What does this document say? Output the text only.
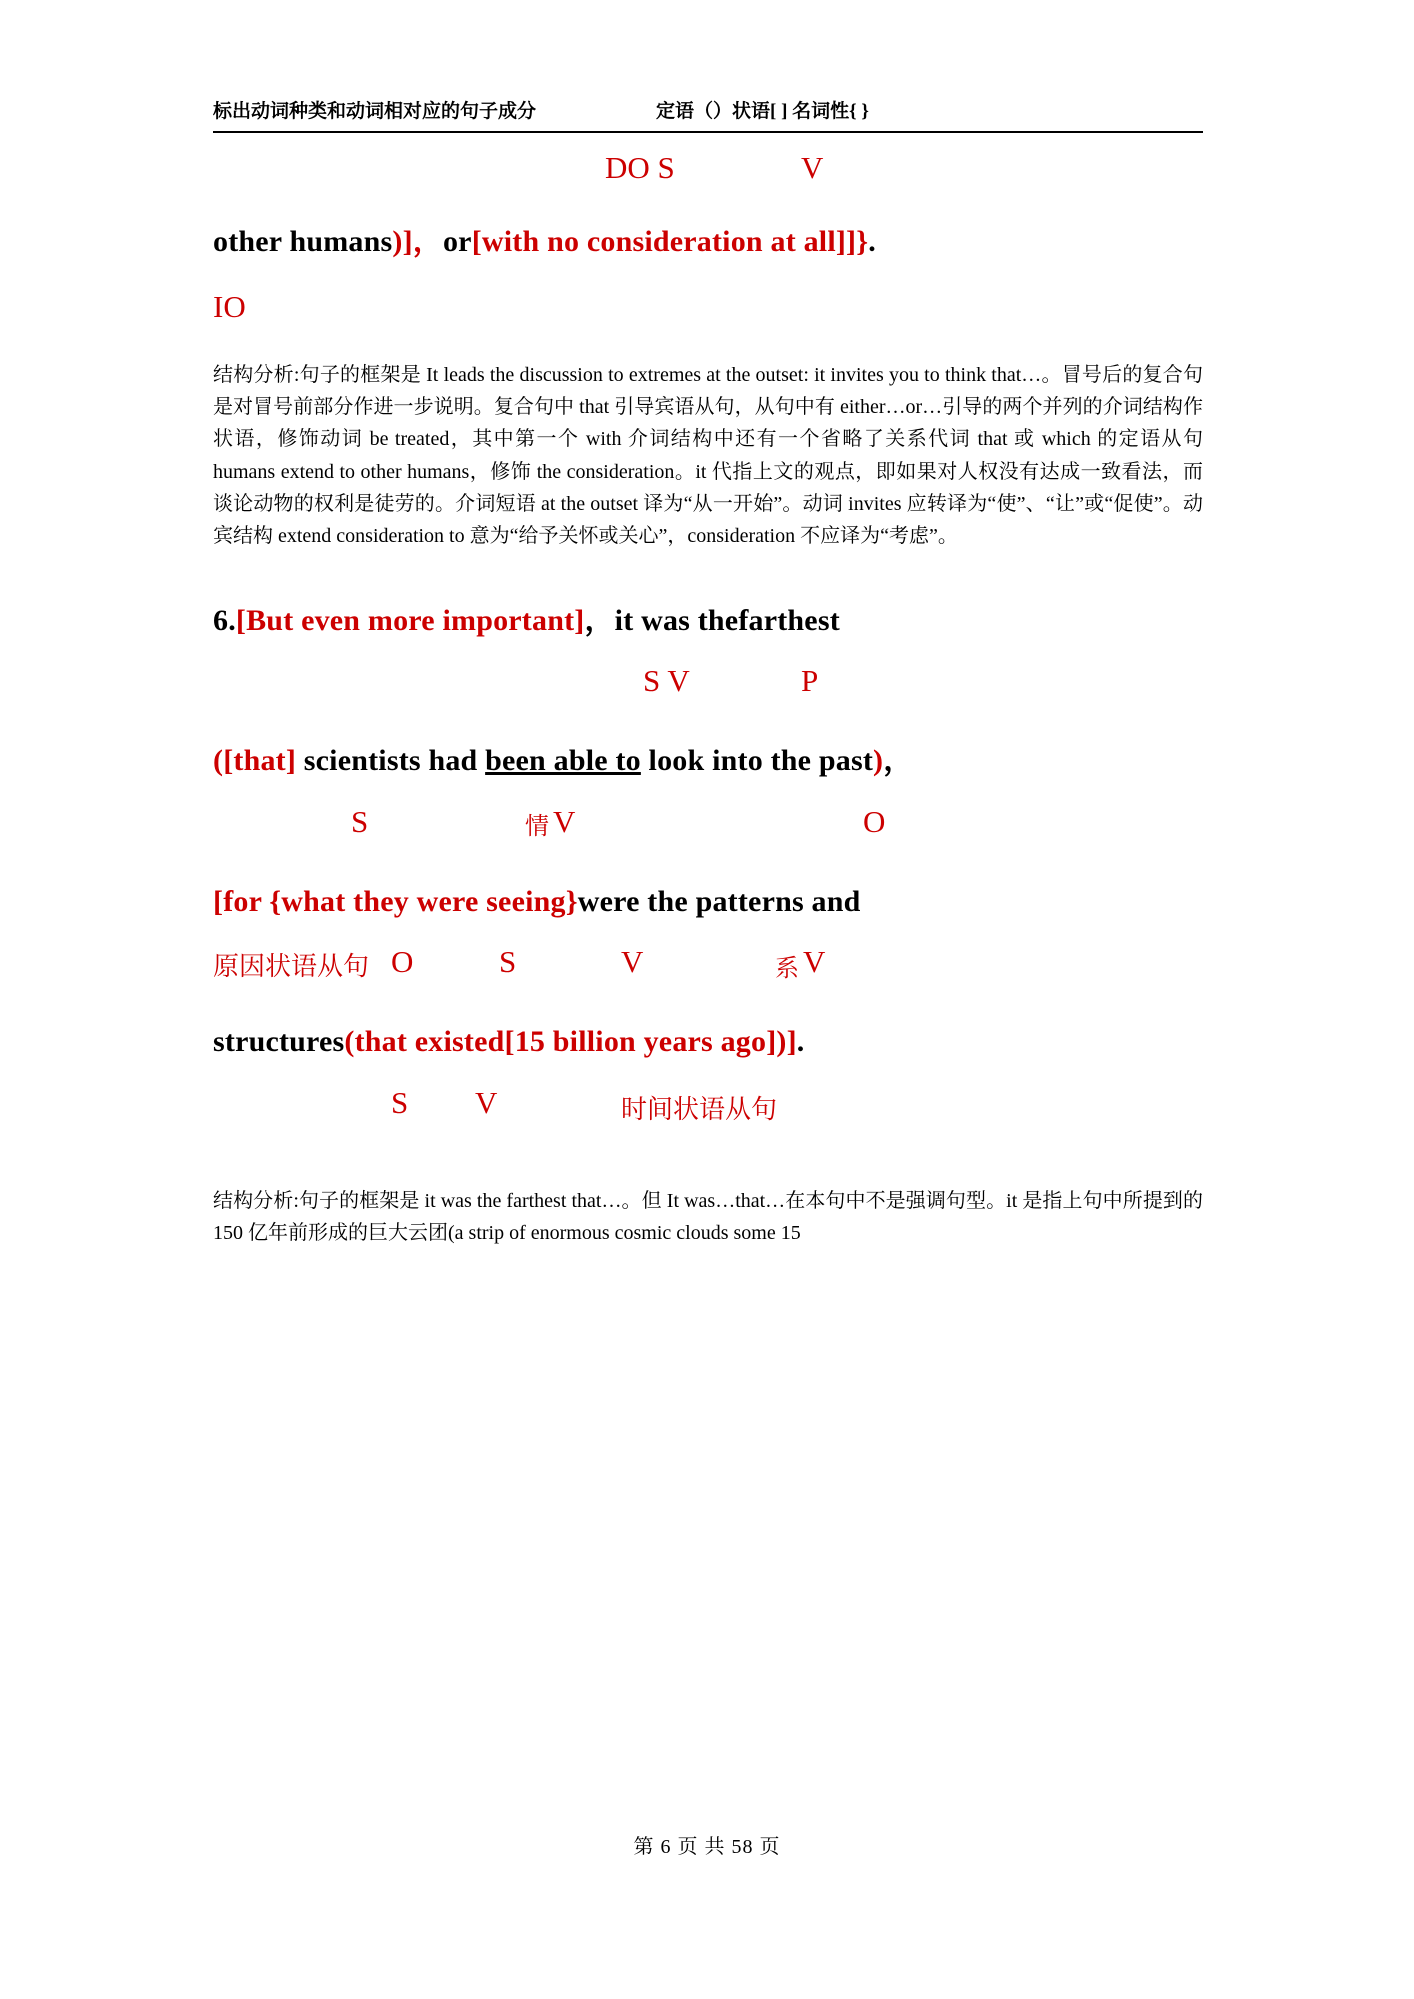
标出动词种类和动词相对应的句子成分	定语（）状语[ ] 名词性{ }
DO S	V
other humans)]，or[with no consideration at all]]}.
IO
结构分析:句子的框架是 It leads the discussion to extremes at the outset: it invites you to think that…。冒号后的复合句是对冒号前部分作进一步说明。复合句中 that 引导宾语从句，从句中有 either…or…引导的两个并列的介词结构作状语，修饰动词 be treated，其中第一个 with 介词结构中还有一个省略了关系代词 that 或 which 的定语从句 humans extend to other humans，修饰 the consideration。it 代指上文的观点，即如果对人权没有达成一致看法，而谈论动物的权利是徒劳的。介词短语 at the outset 译为“从一开始”。动词 invites 应转译为“使”、“让”或“促使”。动宾结构 extend consideration to 意为“给予关怀或关心”，consideration 不应译为“考虑”。
6.[But even more important]，it was thefarthest
S V	P
([that] scientists had been able to look into the past)，
S	情 V	O
[for {what they were seeing}were the patterns and
原因状语从句 O	S	V	系 V
structures(that existed[15 billion years ago])].
S V	时间状语从句
结构分析:句子的框架是 it was the farthest that…。但 It was…that…在本句中不是强调句型。it 是指上句中所提到的 150 亿年前形成的巨大云团(a strip of enormous cosmic clouds some 15
第 6 页 共 58 页
